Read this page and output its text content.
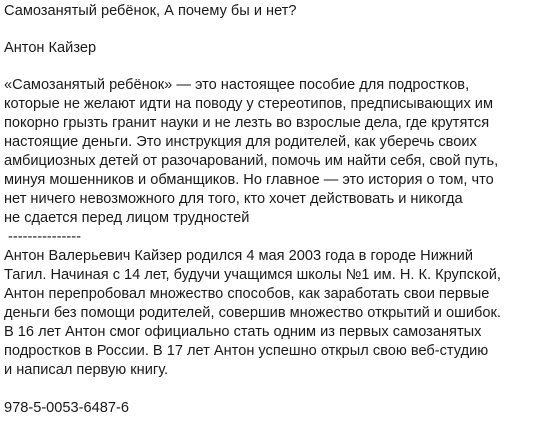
Самозанятый ребёнок, А почему бы и нет?
Антон Кайзер
«Самозанятый ребёнок» — это настоящее пособие для подростков,
которые не желают идти на поводу у стереотипов, предписывающих им
покорно грызть гранит науки и не лезть во взрослые дела, где крутятся
настоящие деньги. Это инструкция для родителей, как уберечь своих
амбициозных детей от разочарований, помочь им найти себя, свой путь,
минуя мошенников и обманщиков. Но главное — это история о том, что
нет ничего невозможного для того, кто хочет действовать и никогда
не сдается перед лицом трудностей
---------------
Антон Валерьевич Кайзер родился 4 мая 2003 года в городе Нижний
Тагил. Начиная с 14 лет, будучи учащимся школы №1 им. Н. К. Крупской,
Антон перепробовал множество способов, как заработать свои первые
деньги без помощи родителей, совершив множество открытий и ошибок.
В 16 лет Антон смог официально стать одним из первых самозанятых
подростков в России. В 17 лет Антон успешно открыл свою веб-студию
и написал первую книгу.
978-5-0053-6487-6
